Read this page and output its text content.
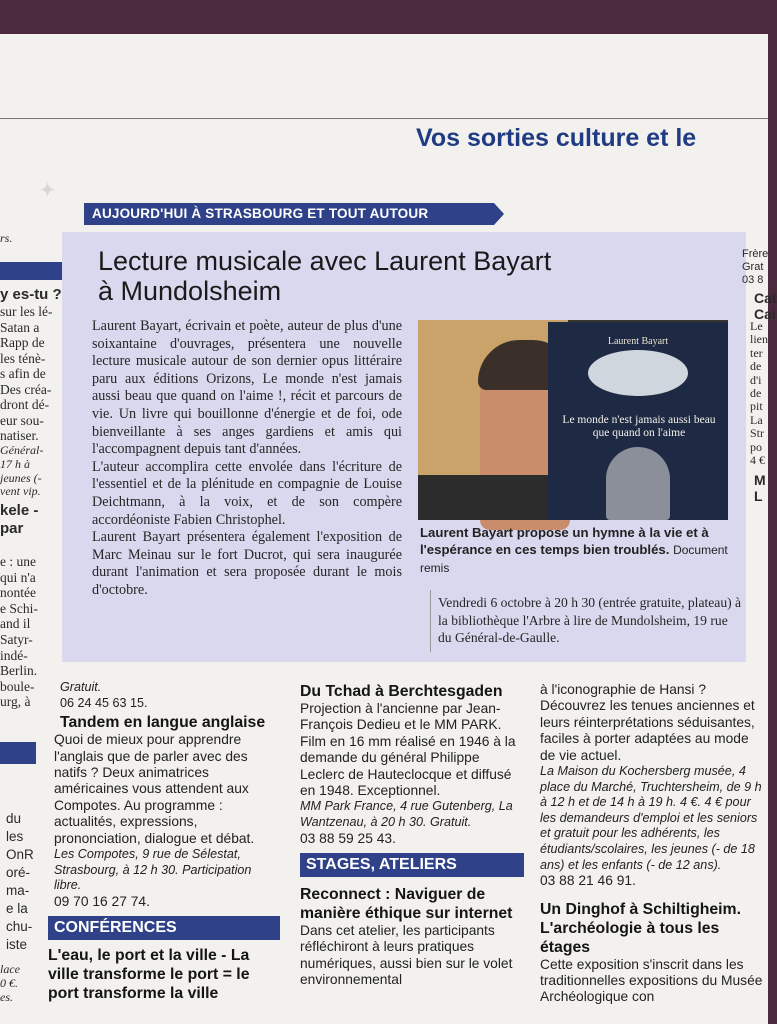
✦
Vos sorties culture et le
AUJOURD'HUI À STRASBOURG ET TOUT AUTOUR
Lecture musicale avec Laurent Bayart
à Mundolsheim

Laurent Bayart, écrivain et poète, auteur de plus d'une soixantaine d'ouvrages, présentera une nouvelle lecture musicale autour de son dernier opus littéraire paru aux éditions Orizons, Le monde n'est jamais aussi beau que quand on l'aime !, récit et parcours de vie. Un livre qui bouillonne d'énergie et de foi, ode bienveillante à ses anges gardiens et amis qui l'accompagnent depuis tant d'années.

L'auteur accomplira cette envolée dans l'écriture de l'essentiel et de la plénitude en compagnie de Louise Deichtmann, à la voix, et de son compère accordéoniste Fabien Christophel.

Laurent Bayart présentera également l'exposition de Marc Meinau sur le fort Ducrot, qui sera inaugurée durant l'animation et sera proposée durant le mois d'octobre.

Laurent Bayart
Le monde n'est jamais aussi beau que quand on l'aime
Laurent Bayart propose un hymne à la vie et à l'espérance en ces temps bien troublés. Document remis
Vendredi 6 octobre à 20 h 30 (entrée gratuite, plateau) à la bibliothèque l'Arbre à lire de Mundolsheim, 19 rue du Général-de-Gaulle.
Gratuit.
06 24 45 63 15.
Tandem en langue anglaise
Quoi de mieux pour apprendre l'anglais que de parler avec des natifs ? Deux animatrices américaines vous attendent aux Compotes. Au programme : actualités, expressions, prononciation, dialogue et débat.
Les Compotes, 9 rue de Sélestat, Strasbourg, à 12 h 30. Participation libre.
09 70 16 27 74.
CONFÉRENCES
L'eau, le port et la ville - La ville transforme le port = le port transforme la ville
Du Tchad à Berchtesgaden
Projection à l'ancienne par Jean-François Dedieu et le MM PARK. Film en 16 mm réalisé en 1946 à la demande du général Philippe Leclerc de Hauteclocque et diffusé en 1948. Exceptionnel.
MM Park France, 4 rue Gutenberg, La Wantzenau, à 20 h 30. Gratuit.
03 88 59 25 43.
STAGES, ATELIERS
Reconnect : Naviguer de manière éthique sur internet
Dans cet atelier, les participants réfléchiront à leurs pratiques numériques, aussi bien sur le volet environnemental
à l'iconographie de Hansi ? Découvrez les tenues anciennes et leurs réinterprétations séduisantes, faciles à porter adaptées au mode de vie actuel.
La Maison du Kochersberg musée, 4 place du Marché, Truchtersheim, de 9 h à 12 h et de 14 h à 19 h. 4 €. 4 € pour les demandeurs d'emploi et les seniors et gratuit pour les adhérents, les étudiants/scolaires, les jeunes (- de 18 ans) et les enfants (- de 12 ans).
03 88 21 46 91.
Un Dinghof à Schiltigheim. L'archéologie à tous les étages
Cette exposition s'inscrit dans les traditionnelles expositions du Musée Archéologique con
rs.
y es-tu ?
sur les lé-
Satan a
Rapp de
les ténè-
s afin de
Des créa-
dront dé-
eur sou-
natiser.
Général-
17 h à
jeunes (-
vent vip.
kele -
par
e : une
qui n'a
nontée
e Schi-
and il
Satyr-
indé-
Berlin.
boule-
urg, à
du
les
OnR
oré-
ma-
e la
chu-
iste
lace
0 €.
es.
Frère
Grat
03 8
Cat
Cai
Le
lien
ter
de
d'i
de
pit
La
Str
po
4 €
M
L
